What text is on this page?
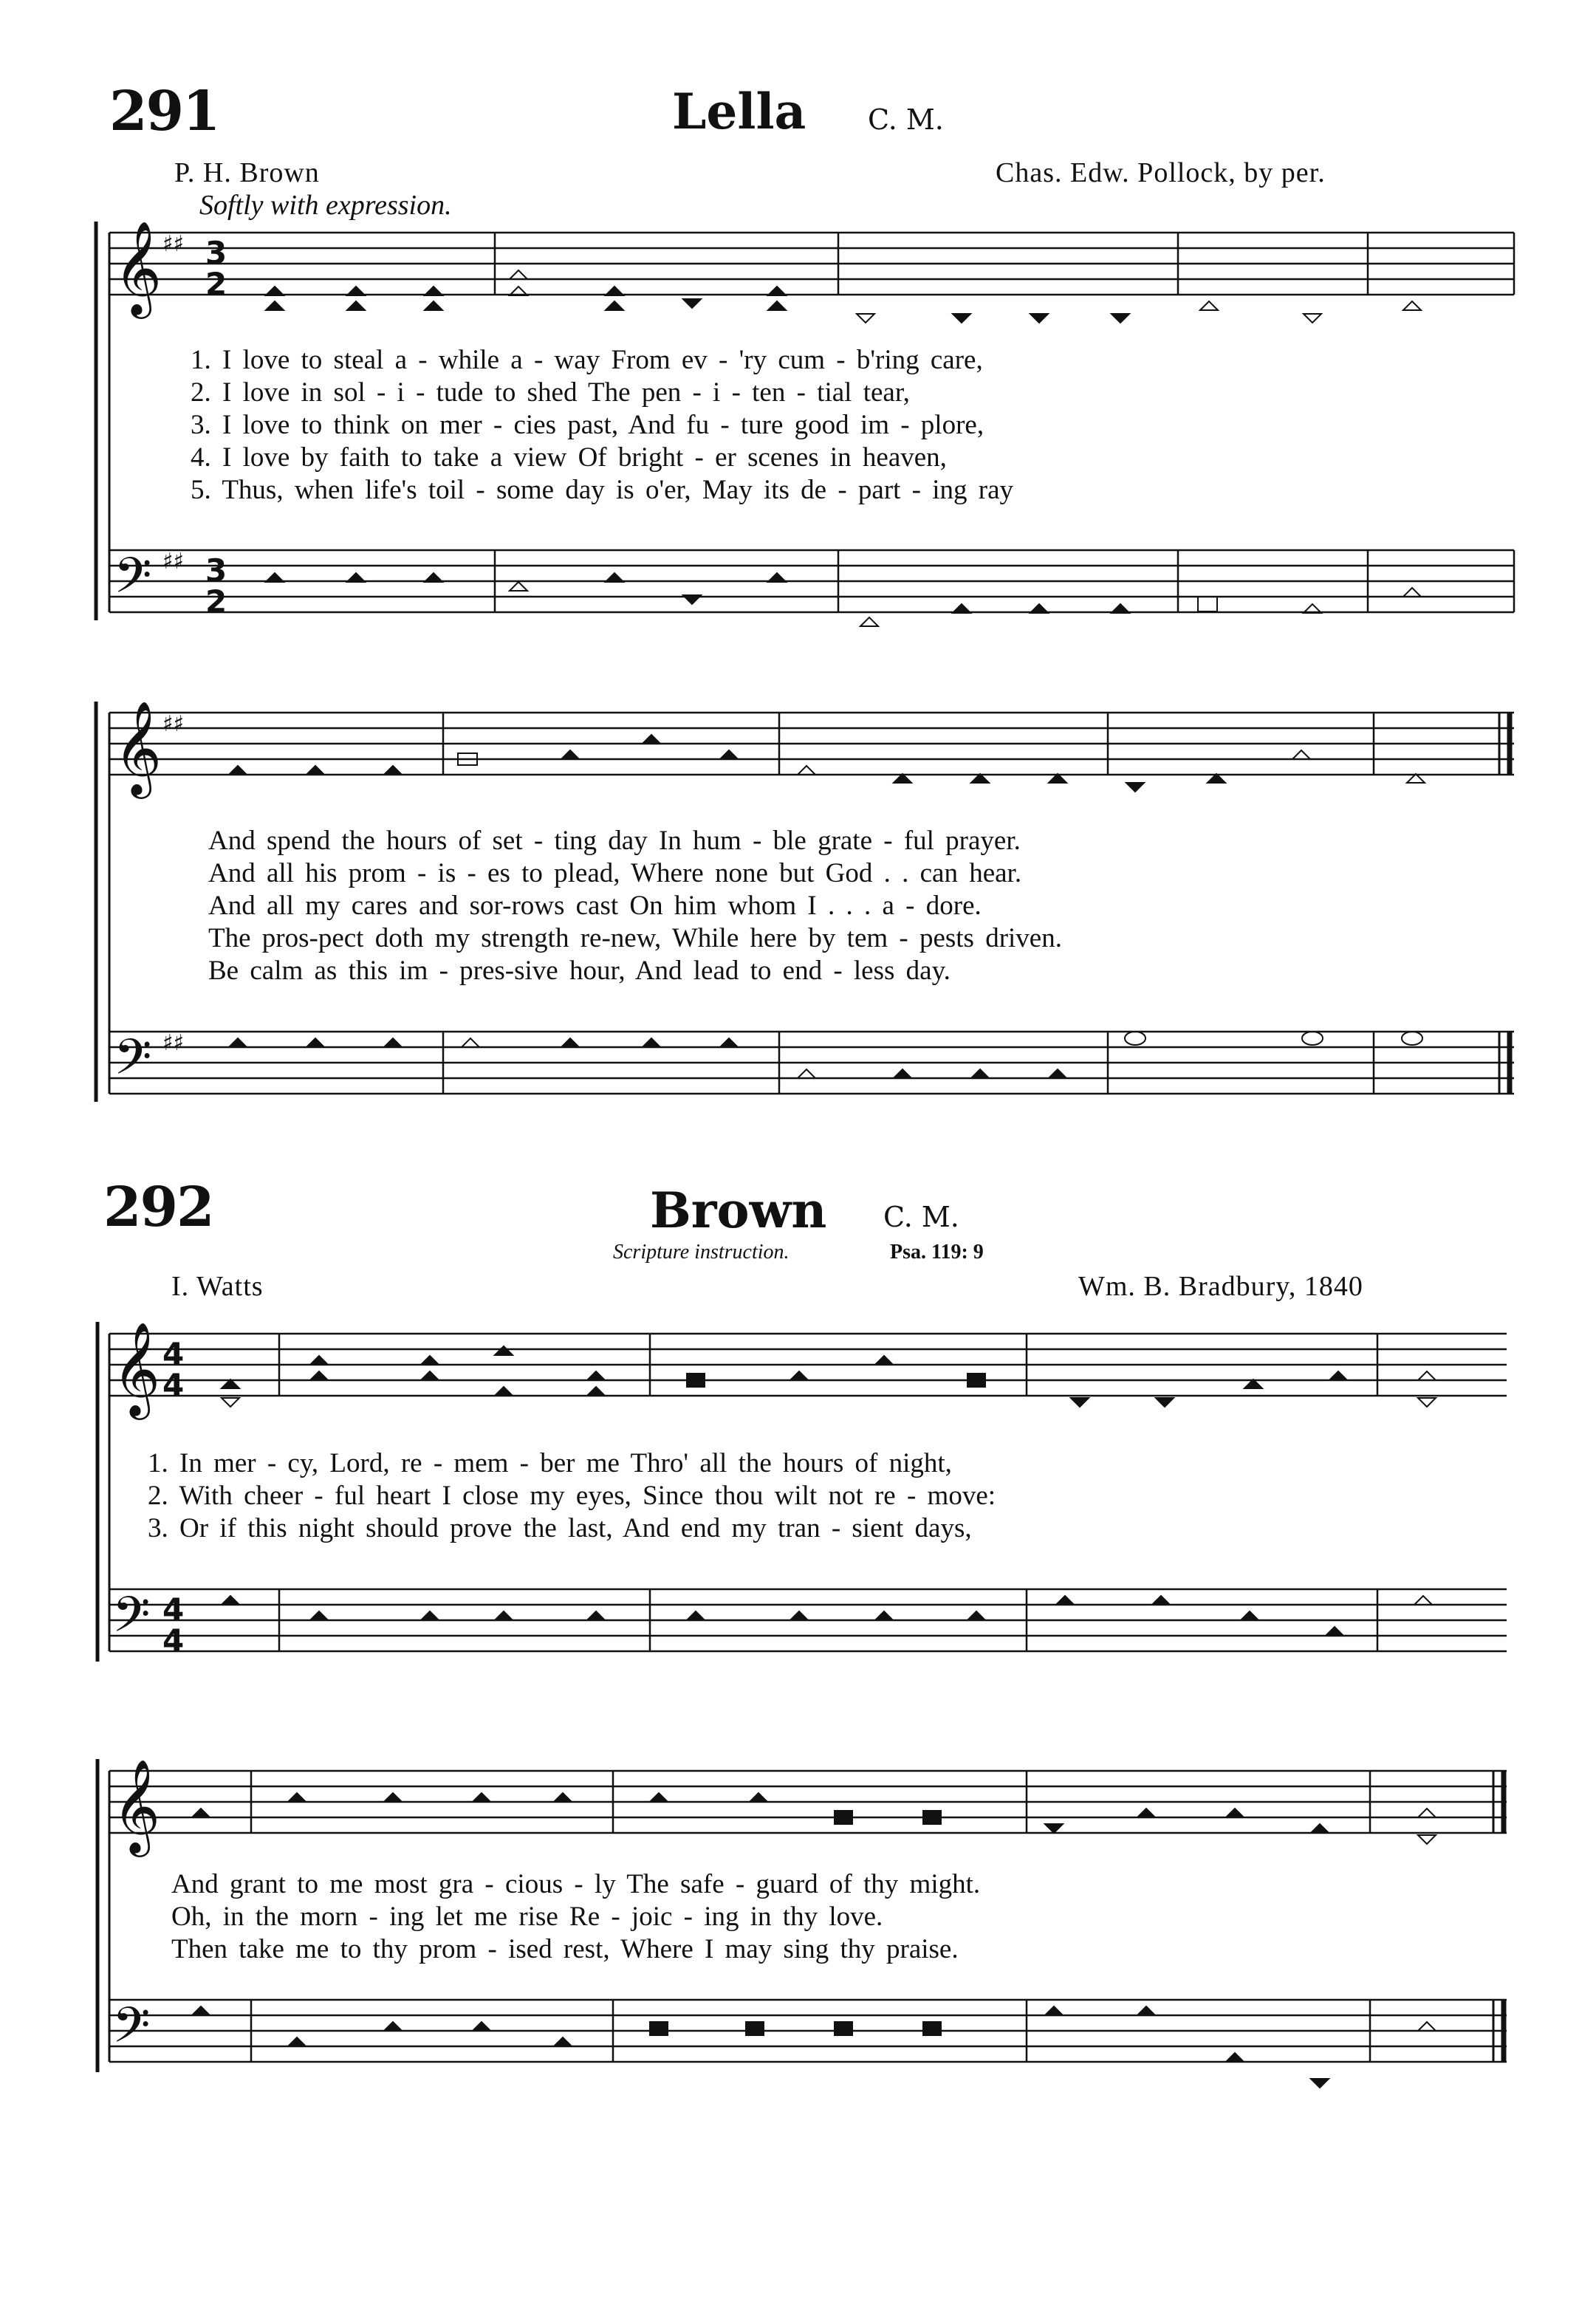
291	Lella C. M.
P. H. Brown	Chas. Edw. Pollock, by per.
Softly with expression.
𝄞
𝄢
𝄞
𝄢
♯♯
♯♯
♯♯
♯♯
3
2
3
2
1. I love to steal a - while a - way From ev - 'ry cum - b'ring care,
2. I love in sol - i - tude to shed The pen - i - ten - tial tear,
3. I love to think on mer - cies past, And fu - ture good im - plore,
4. I love by faith to take a view Of bright - er scenes in heaven,
5. Thus, when life's toil - some day is o'er, May its de - part - ing ray
And spend the hours of set - ting day In hum - ble grate - ful prayer.
And all his prom - is - es to plead, Where none but God . . can hear.
And all my cares and sor-rows cast On him whom I . . . a - dore.
The pros-pect doth my strength re-new, While here by tem - pests driven.
Be calm as this im - pres-sive hour, And lead to end - less day.
292	Brown C. M.
Scripture instruction.	Psa. 119: 9
I. Watts	Wm. B. Bradbury, 1840
𝄞
𝄢
𝄞
𝄢
4
4
4
4
1. In mer - cy, Lord, re - mem - ber me Thro' all the hours of night,
2. With cheer - ful heart I close my eyes, Since thou wilt not re - move:
3. Or if this night should prove the last, And end my tran - sient days,
And grant to me most gra - cious - ly The safe - guard of thy might.
Oh, in the morn - ing let me rise Re - joic - ing in thy love.
Then take me to thy prom - ised rest, Where I may sing thy praise.
